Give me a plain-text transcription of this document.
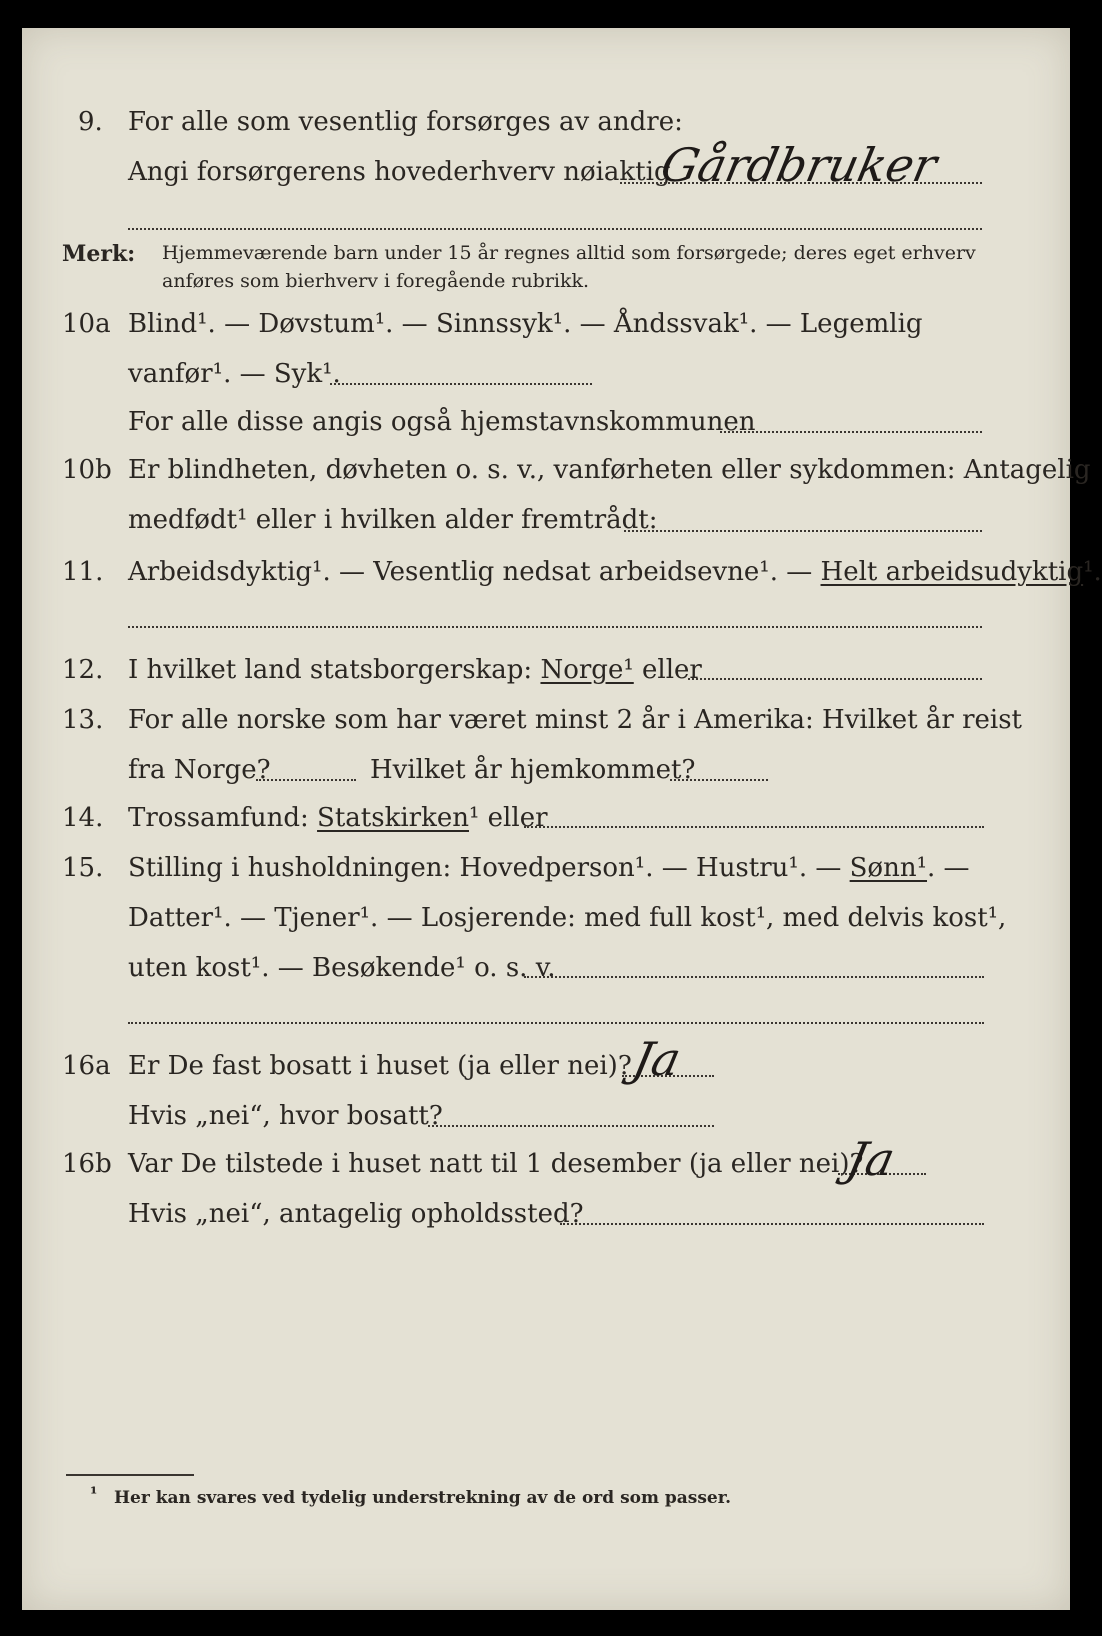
9. For alle som vesentlig forsørges av andre:
Angi forsørgerens hovederhverv nøiaktig
Gårdbruker
Merk: Hjemmeværende barn under 15 år regnes alltid som forsørgede; deres eget erhverv
anføres som bierhverv i foregående rubrikk.
10a Blind¹. — Døvstum¹. — Sinnssyk¹. — Åndssvak¹. — Legemlig
vanfør¹. — Syk¹.
For alle disse angis også hjemstavnskommunen
10b Er blindheten, døvheten o. s. v., vanførheten eller sykdommen: Antagelig
medfødt¹ eller i hvilken alder fremtrådt:
11. Arbeidsdyktig¹. — Vesentlig nedsat arbeidsevne¹. — Helt arbeidsudyktig¹.
12. I hvilket land statsborgerskap: Norge¹ eller
13. For alle norske som har været minst 2 år i Amerika: Hvilket år reist
fra Norge?	Hvilket år hjemkommet?
14. Trossamfund: Statskirken¹ eller
15. Stilling i husholdningen: Hovedperson¹. — Hustru¹. — Sønn¹. —
Datter¹. — Tjener¹. — Losjerende: med full kost¹, med delvis kost¹,
uten kost¹. — Besøkende¹ o. s. v.
16a Er De fast bosatt i huset (ja eller nei)?
Ja
Hvis „nei“, hvor bosatt?
16b Var De tilstede i huset natt til 1 desember (ja eller nei)?
Ja
Hvis „nei“, antagelig opholdssted?
¹ Her kan svares ved tydelig understrekning av de ord som passer.
